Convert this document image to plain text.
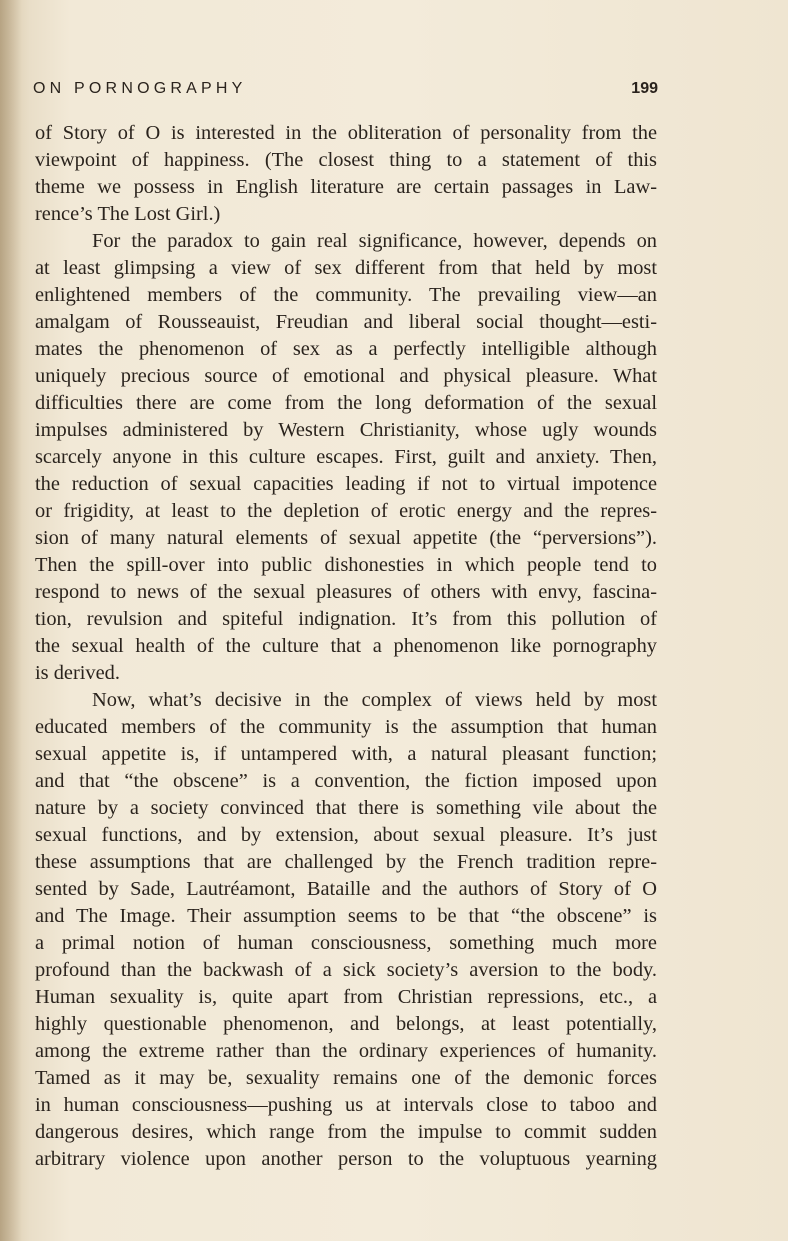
ON PORNOGRAPHY	199
of Story of O is interested in the obliteration of personality from the
viewpoint of happiness. (The closest thing to a statement of this
theme we possess in English literature are certain passages in Law-
rence’s The Lost Girl.)
For the paradox to gain real significance, however, depends on
at least glimpsing a view of sex different from that held by most
enlightened members of the community. The prevailing view—an
amalgam of Rousseauist, Freudian and liberal social thought—esti-
mates the phenomenon of sex as a perfectly intelligible although
uniquely precious source of emotional and physical pleasure. What
difficulties there are come from the long deformation of the sexual
impulses administered by Western Christianity, whose ugly wounds
scarcely anyone in this culture escapes. First, guilt and anxiety. Then,
the reduction of sexual capacities leading if not to virtual impotence
or frigidity, at least to the depletion of erotic energy and the repres-
sion of many natural elements of sexual appetite (the “perversions”).
Then the spill-over into public dishonesties in which people tend to
respond to news of the sexual pleasures of others with envy, fascina-
tion, revulsion and spiteful indignation. It’s from this pollution of
the sexual health of the culture that a phenomenon like pornography
is derived.
Now, what’s decisive in the complex of views held by most
educated members of the community is the assumption that human
sexual appetite is, if untampered with, a natural pleasant function;
and that “the obscene” is a convention, the fiction imposed upon
nature by a society convinced that there is something vile about the
sexual functions, and by extension, about sexual pleasure. It’s just
these assumptions that are challenged by the French tradition repre-
sented by Sade, Lautréamont, Bataille and the authors of Story of O
and The Image. Their assumption seems to be that “the obscene” is
a primal notion of human consciousness, something much more
profound than the backwash of a sick society’s aversion to the body.
Human sexuality is, quite apart from Christian repressions, etc., a
highly questionable phenomenon, and belongs, at least potentially,
among the extreme rather than the ordinary experiences of humanity.
Tamed as it may be, sexuality remains one of the demonic forces
in human consciousness—pushing us at intervals close to taboo and
dangerous desires, which range from the impulse to commit sudden
arbitrary violence upon another person to the voluptuous yearning
